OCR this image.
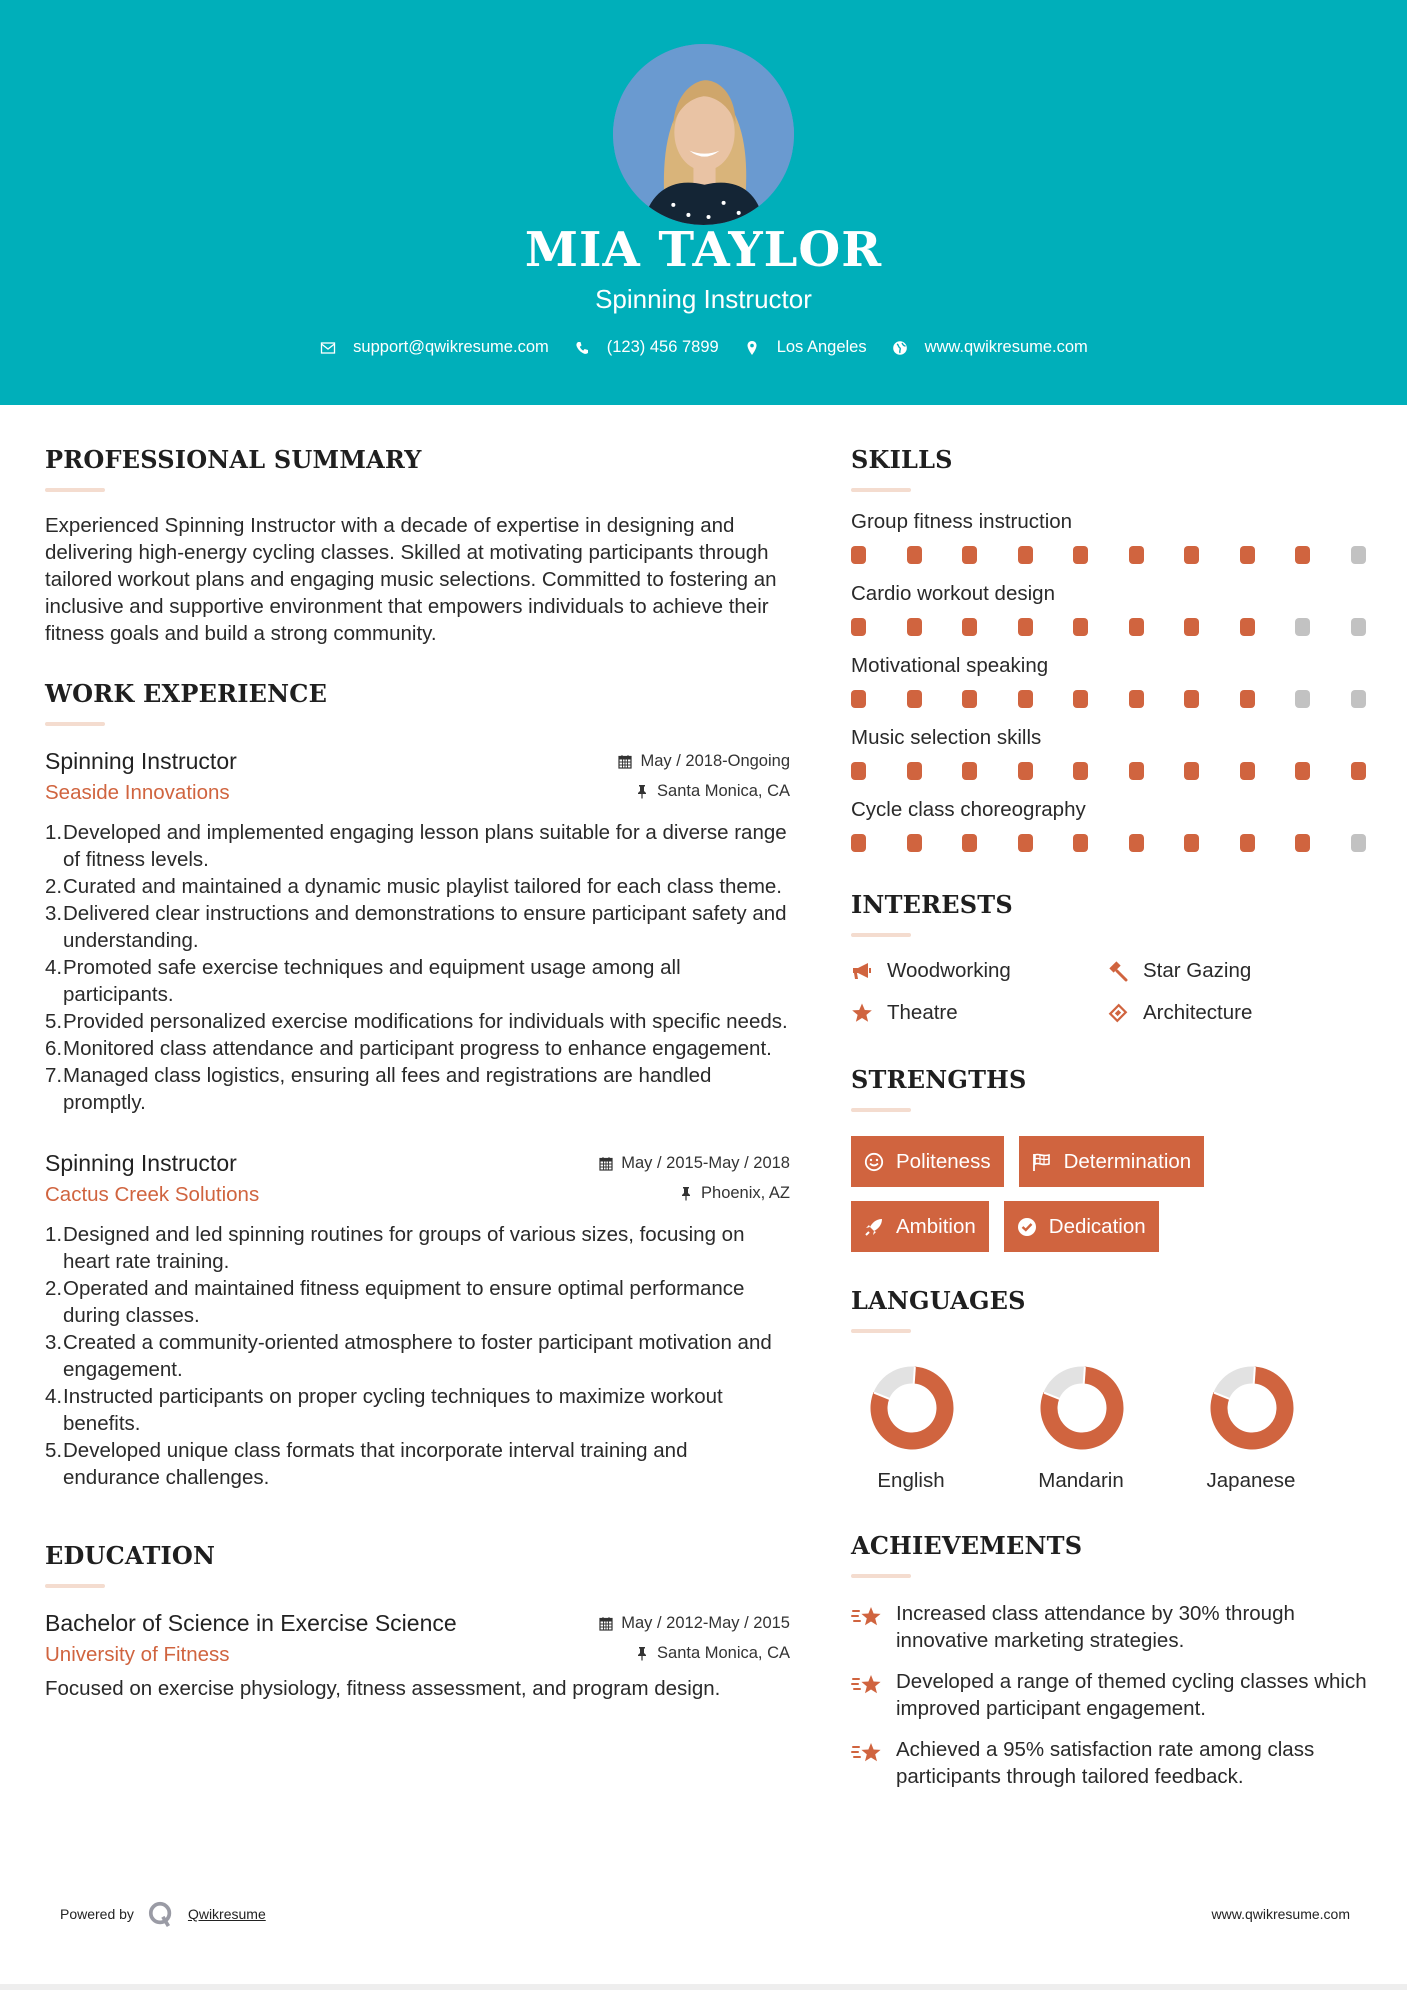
MIA TAYLOR
Spinning Instructor
support@qwikresume.com	(123) 456 7899	Los Angeles	www.qwikresume.com
PROFESSIONAL SUMMARY

Experienced Spinning Instructor with a decade of expertise in designing and delivering high-energy cycling classes. Skilled at motivating participants through tailored workout plans and engaging music selections. Committed to fostering an inclusive and supportive environment that empowers individuals to achieve their fitness goals and build a strong community.

WORK EXPERIENCE
Spinning Instructor	May / 2018-Ongoing
Seaside Innovations	Santa Monica, CA
1. Developed and implemented engaging lesson plans suitable for a diverse range of fitness levels.
2. Curated and maintained a dynamic music playlist tailored for each class theme.
3. Delivered clear instructions and demonstrations to ensure participant safety and understanding.
4. Promoted safe exercise techniques and equipment usage among all participants.
5. Provided personalized exercise modifications for individuals with specific needs.
6. Monitored class attendance and participant progress to enhance engagement.
7. Managed class logistics, ensuring all fees and registrations are handled promptly.
Spinning Instructor	May / 2015-May / 2018
Cactus Creek Solutions	Phoenix, AZ
1. Designed and led spinning routines for groups of various sizes, focusing on heart rate training.
2. Operated and maintained fitness equipment to ensure optimal performance during classes.
3. Created a community-oriented atmosphere to foster participant motivation and engagement.
4. Instructed participants on proper cycling techniques to maximize workout benefits.
5. Developed unique class formats that incorporate interval training and endurance challenges.
EDUCATION
Bachelor of Science in Exercise Science	May / 2012-May / 2015
University of Fitness	Santa Monica, CA

Focused on exercise physiology, fitness assessment, and program design.

SKILLS
Group fitness instruction
Cardio workout design
Motivational speaking
Music selection skills
Cycle class choreography
INTERESTS
Woodworking	Star Gazing
Theatre	Architecture
STRENGTHS
Politeness	Determination
Ambition	Dedication
LANGUAGES
English	Mandarin	Japanese
ACHIEVEMENTS
Increased class attendance by 30% through innovative marketing strategies.
Developed a range of themed cycling classes which improved participant engagement.
Achieved a 95% satisfaction rate among class participants through tailored feedback.
Powered by	Qwikresume	www.qwikresume.com
